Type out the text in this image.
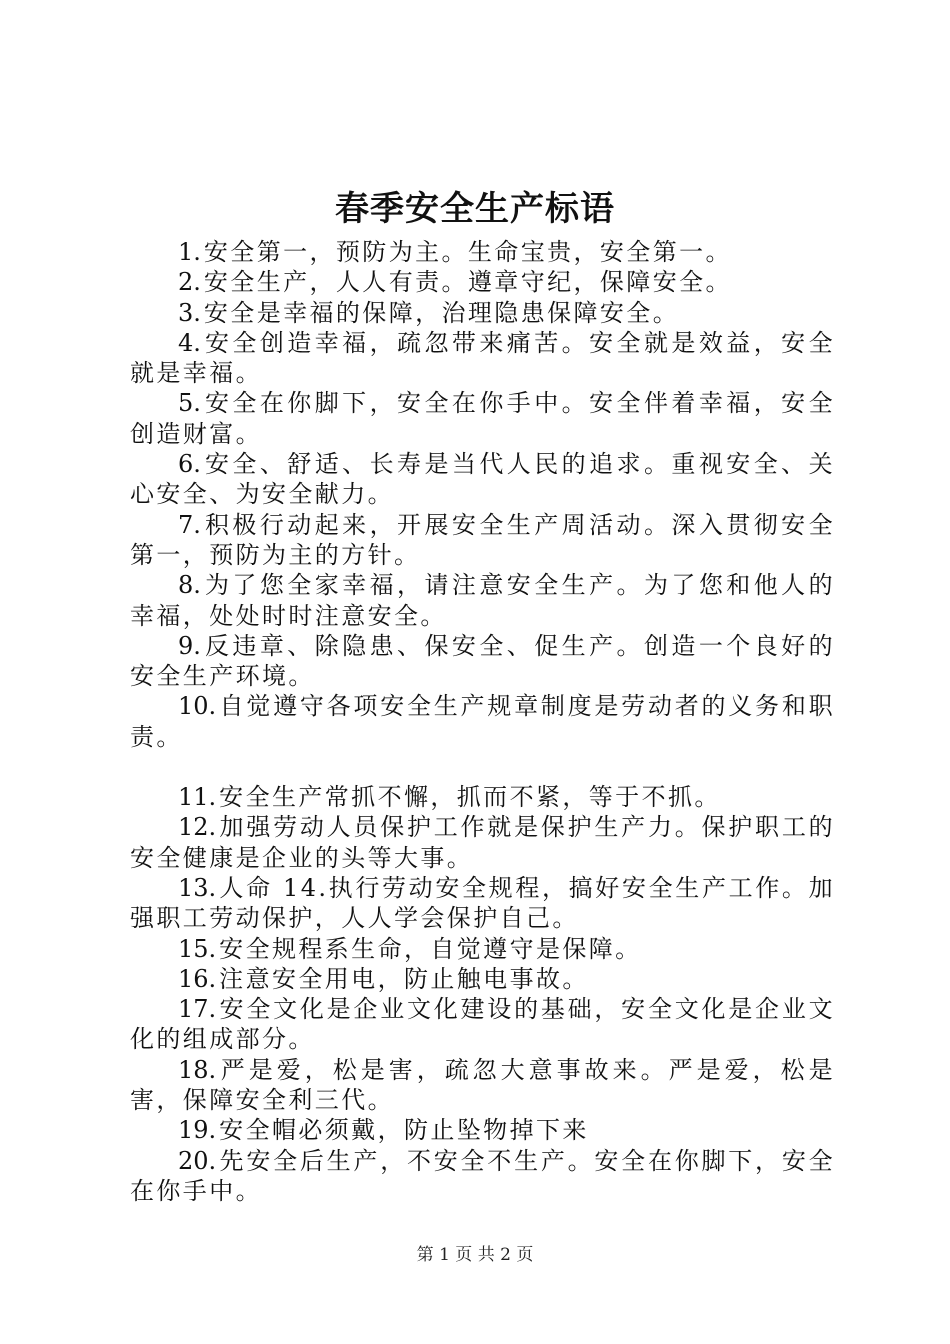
春季安全生产标语
1. 安全第一，预防为主。生命宝贵，安全第一。
2. 安全生产，人人有责。遵章守纪，保障安全。
3. 安全是幸福的保障，治理隐患保障安全。
4. 安全创造幸福，疏忽带来痛苦。安全就是效益，安全就是幸福。
5. 安全在你脚下，安全在你手中。安全伴着幸福，安全创造财富。
6. 安全、舒适、长寿是当代人民的追求。重视安全、关心安全、为安全献力。
7. 积极行动起来，开展安全生产周活动。深入贯彻安全第一，预防为主的方针。
8. 为了您全家幸福，请注意安全生产。为了您和他人的幸福，处处时时注意安全。
9. 反违章、除隐患、保安全、促生产。创造一个良好的安全生产环境。
10. 自觉遵守各项安全生产规章制度是劳动者的义务和职责。
11. 安全生产常抓不懈，抓而不紧，等于不抓。
12. 加强劳动人员保护工作就是保护生产力。保护职工的安全健康是企业的头等大事。
13. 人命 14.执行劳动安全规程，搞好安全生产工作。加强职工劳动保护，人人学会保护自己。
15. 安全规程系生命，自觉遵守是保障。
16. 注意安全用电，防止触电事故。
17. 安全文化是企业文化建设的基础，安全文化是企业文化的组成部分。
18. 严是爱，松是害，疏忽大意事故来。严是爱，松是害，保障安全利三代。
19. 安全帽必须戴，防止坠物掉下来
20. 先安全后生产，不安全不生产。安全在你脚下，安全在你手中。
第 1 页 共 2 页
